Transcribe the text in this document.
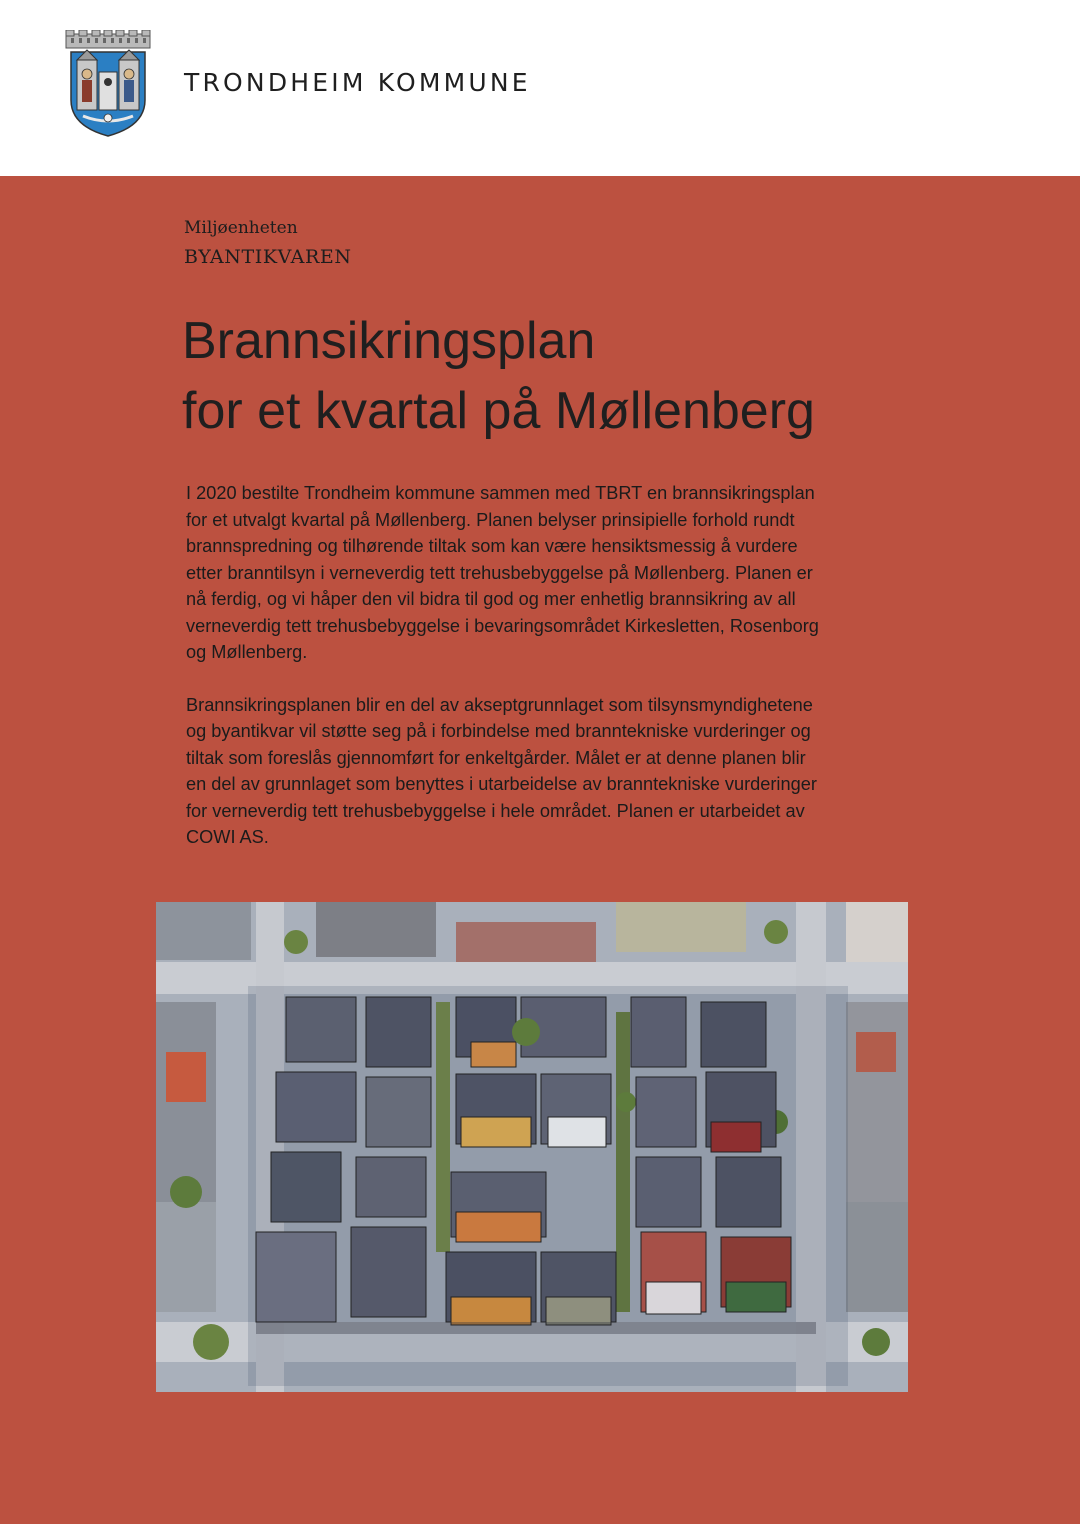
TRONDHEIM KOMMUNE
Miljøenheten
BYANTIKVAREN
Brannsikringsplan
for et kvartal på Møllenberg

I 2020 bestilte Trondheim kommune sammen med TBRT en brannsikringsplan
for et utvalgt kvartal på Møllenberg. Planen belyser prinsipielle forhold rundt
brannspredning og tilhørende tiltak som kan være hensiktsmessig å vurdere
etter branntilsyn i verneverdig tett trehusbebyggelse på Møllenberg. Planen er
nå ferdig, og vi håper den vil bidra til god og mer enhetlig brannsikring av all
verneverdig tett trehusbebyggelse i bevaringsområdet Kirkesletten, Rosenborg
og Møllenberg.

Brannsikringsplanen blir en del av akseptgrunnlaget som tilsynsmyndighetene
og byantikvar vil støtte seg på i forbindelse med branntekniske vurderinger og
tiltak som foreslås gjennomført for enkeltgårder. Målet er at denne planen blir
en del av grunnlaget som benyttes i utarbeidelse av branntekniske vurderinger
for verneverdig tett trehusbebyggelse i hele området. Planen er utarbeidet av
COWI AS.
